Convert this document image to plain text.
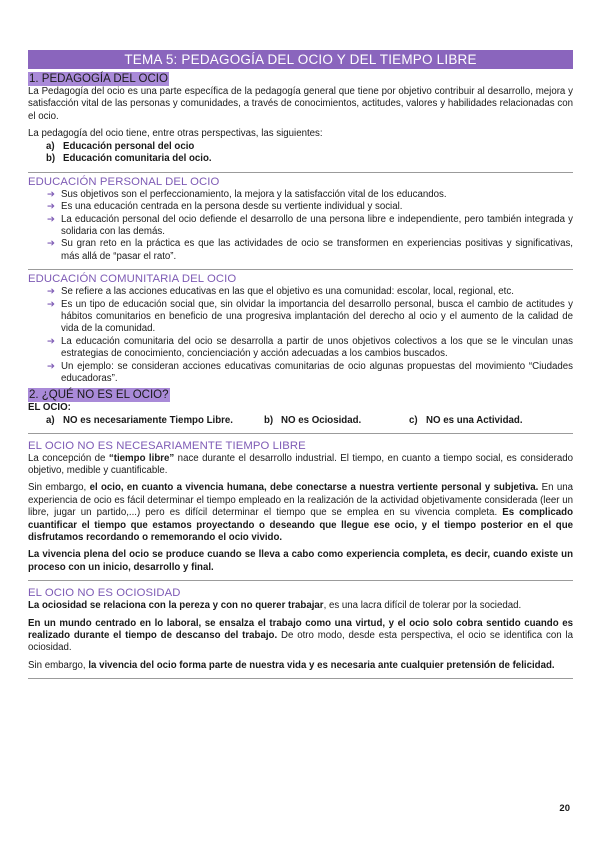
TEMA 5: PEDAGOGÍA DEL OCIO Y DEL TIEMPO LIBRE
1. PEDAGOGÍA DEL OCIO

La Pedagogía del ocio es una parte específica de la pedagogía general que tiene por objetivo contribuir al desarrollo, mejora y satisfacción vital de las personas y comunidades, a través de conocimientos, actitudes, valores y habilidades relacionadas con el ocio.

La pedagogía del ocio tiene, entre otras perspectivas, las siguientes:

a) Educación personal del ocio
b) Educación comunitaria del ocio.
EDUCACIÓN PERSONAL DEL OCIO
➔ Sus objetivos son el perfeccionamiento, la mejora y la satisfacción vital de los educandos.
➔ Es una educación centrada en la persona desde su vertiente individual y social.
➔ La educación personal del ocio defiende el desarrollo de una persona libre e independiente, pero también integrada y solidaria con las demás.
➔ Su gran reto en la práctica es que las actividades de ocio se transformen en experiencias positivas y significativas, más allá de “pasar el rato”.
EDUCACIÓN COMUNITARIA DEL OCIO
➔ Se refiere a las acciones educativas en las que el objetivo es una comunidad: escolar, local, regional, etc.
➔ Es un tipo de educación social que, sin olvidar la importancia del desarrollo personal, busca el cambio de actitudes y hábitos comunitarios en beneficio de una progresiva implantación del derecho al ocio y el aumento de la calidad de vida de la comunidad.
➔ La educación comunitaria del ocio se desarrolla a partir de unos objetivos colectivos a los que se le vinculan unas estrategias de conocimiento, concienciación y acción adecuadas a los cambios buscados.
➔ Un ejemplo: se consideran acciones educativas comunitarias de ocio algunas propuestas del movimiento “Ciudades educadoras”.
2. ¿QUÉ NO ES EL OCIO?
EL OCIO:
a) NO es necesariamente Tiempo Libre.	b) NO es Ociosidad.	c) NO es una Actividad.
EL OCIO NO ES NECESARIAMENTE TIEMPO LIBRE

La concepción de “tiempo libre” nace durante el desarrollo industrial. El tiempo, en cuanto a tiempo social, es considerado objetivo, medible y cuantificable.

Sin embargo, el ocio, en cuanto a vivencia humana, debe conectarse a nuestra vertiente personal y subjetiva. En una experiencia de ocio es fácil determinar el tiempo empleado en la realización de la actividad objetivamente considerada (leer un libre, jugar un partido,...) pero es difícil determinar el tiempo que se emplea en su vivencia completa. Es complicado cuantificar el tiempo que estamos proyectando o deseando que llegue ese ocio, y el tiempo posterior en el que disfrutamos recordando o rememorando el ocio vivido.

La vivencia plena del ocio se produce cuando se lleva a cabo como experiencia completa, es decir, cuando existe un proceso con un inicio, desarrollo y final.

EL OCIO NO ES OCIOSIDAD

La ociosidad se relaciona con la pereza y con no querer trabajar, es una lacra difícil de tolerar por la sociedad.

En un mundo centrado en lo laboral, se ensalza el trabajo como una virtud, y el ocio solo cobra sentido cuando es realizado durante el tiempo de descanso del trabajo. De otro modo, desde esta perspectiva, el ocio se identifica con la ociosidad.

Sin embargo, la vivencia del ocio forma parte de nuestra vida y es necesaria ante cualquier pretensión de felicidad.

20
